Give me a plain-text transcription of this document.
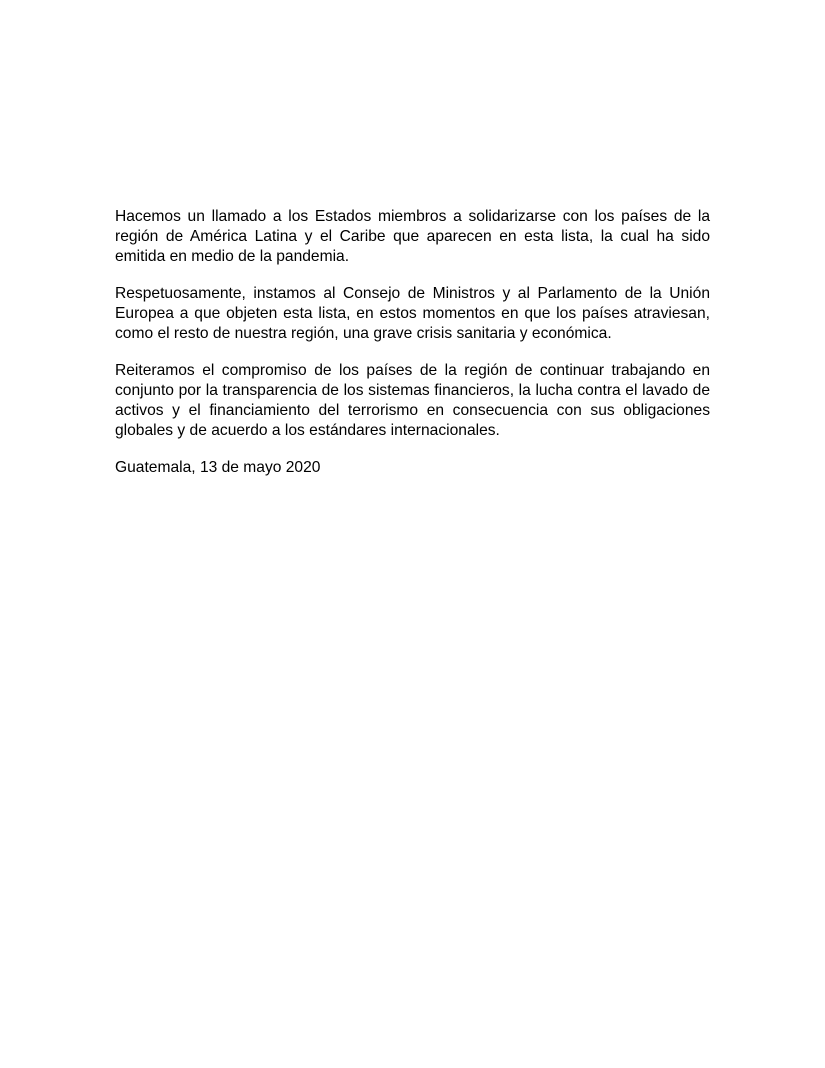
Hacemos un llamado a los Estados miembros a solidarizarse con los países de la región de América Latina y el Caribe que aparecen en esta lista, la cual ha sido emitida en medio de la pandemia.

Respetuosamente, instamos al Consejo de Ministros y al Parlamento de la Unión Europea a que objeten esta lista, en estos momentos en que los países atraviesan, como el resto de nuestra región, una grave crisis sanitaria y económica.

Reiteramos el compromiso de los países de la región de continuar trabajando en conjunto por la transparencia de los sistemas financieros, la lucha contra el lavado de activos y el financiamiento del terrorismo en consecuencia con sus obligaciones globales y de acuerdo a los estándares internacionales.

Guatemala, 13 de mayo 2020
